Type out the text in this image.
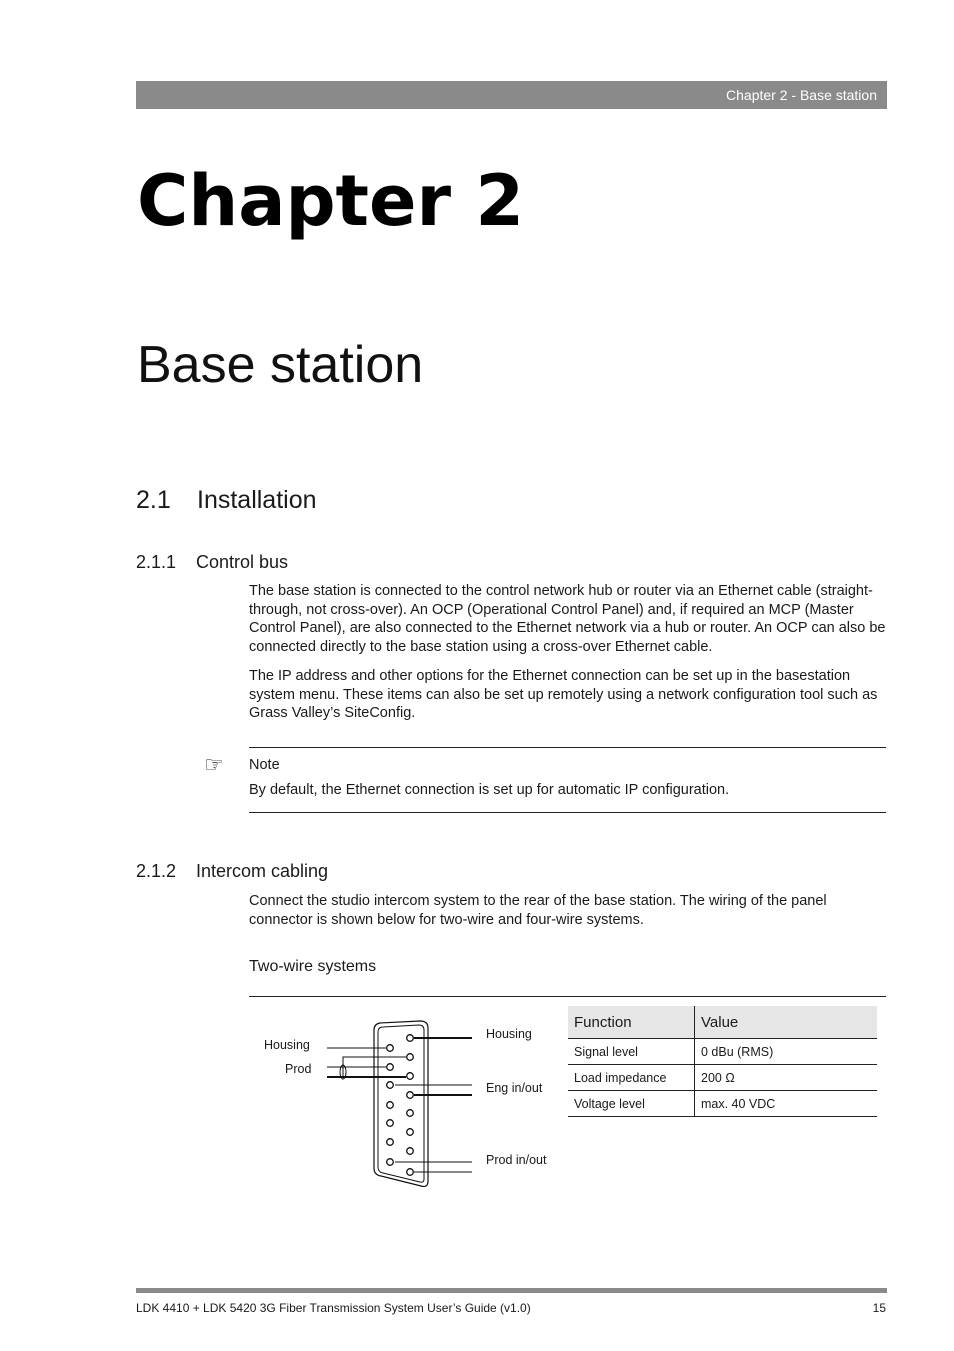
Chapter 2 - Base station
Chapter 2
Base station
2.1 Installation
2.1.1 Control bus
The base station is connected to the control network hub or router via an Ethernet cable (straight-through, not cross-over). An OCP (Operational Control Panel) and, if required an MCP (Master Control Panel), are also connected to the Ethernet network via a hub or router. An OCP can also be connected directly to the base station using a cross-over Ethernet cable.
The IP address and other options for the Ethernet connection can be set up in the basestation system menu. These items can also be set up remotely using a network configuration tool such as Grass Valley’s SiteConfig.
☞ Note
By default, the Ethernet connection is set up for automatic IP configuration.
2.1.2 Intercom cabling
Connect the studio intercom system to the rear of the base station. The wiring of the panel connector is shown below for two-wire and four-wire systems.
Two-wire systems
Housing
Prod
Housing
Eng in/out
Prod in/out
Function	Value
Signal level	0 dBu (RMS)
Load impedance	200 Ω
Voltage level	max. 40 VDC
LDK 4410 + LDK 5420 3G Fiber Transmission System User’s Guide (v1.0)	15
